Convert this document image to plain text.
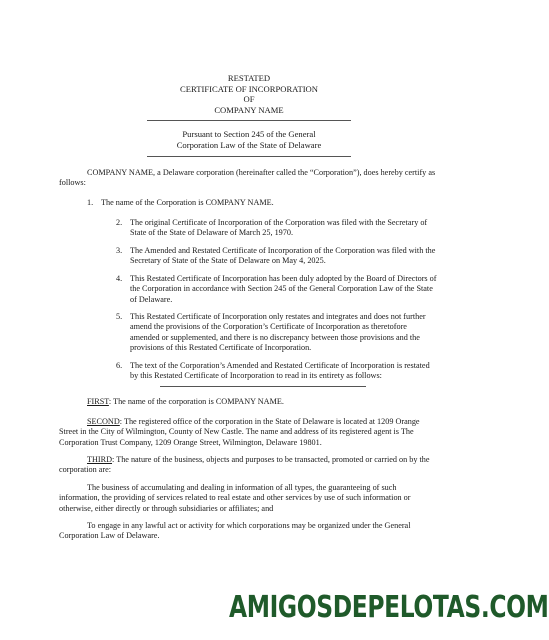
RESTATED

CERTIFICATE OF INCORPORATION

OF

COMPANY NAME

Pursuant to Section 245 of the General

Corporation Law of the State of Delaware

COMPANY NAME, a Delaware corporation (hereinafter called the “Corporation”), does hereby certify as follows:

1. The name of the Corporation is COMPANY NAME.
2. The original Certificate of Incorporation of the Corporation was filed with the Secretary of State of the State of Delaware of March 25, 1970.
3. The Amended and Restated Certificate of Incorporation of the Corporation was filed with the Secretary of State of the State of Delaware on May 4, 2025.
4. This Restated Certificate of Incorporation has been duly adopted by the Board of Directors of the Corporation in accordance with Section 245 of the General Corporation Law of the State of Delaware.
5. This Restated Certificate of Incorporation only restates and integrates and does not further amend the provisions of the Corporation’s Certificate of Incorporation as theretofore amended or supplemented, and there is no discrepancy between those provisions and the provisions of this Restated Certificate of Incorporation.
6. The text of the Corporation’s Amended and Restated Certificate of Incorporation is restated by this Restated Certificate of Incorporation to read in its entirety as follows:

FIRST: The name of the corporation is COMPANY NAME.

SECOND: The registered office of the corporation in the State of Delaware is located at 1209 Orange Street in the City of Wilmington, County of New Castle. The name and address of its registered agent is The Corporation Trust Company, 1209 Orange Street, Wilmington, Delaware 19801.

THIRD: The nature of the business, objects and purposes to be transacted, promoted or carried on by the corporation are:

The business of accumulating and dealing in information of all types, the guaranteeing of such information, the providing of services related to real estate and other services by use of such information or otherwise, either directly or through subsidiaries or affiliates; and

To engage in any lawful act or activity for which corporations may be organized under the General Corporation Law of Delaware.

AMIGOSDEPELOTAS.COM
